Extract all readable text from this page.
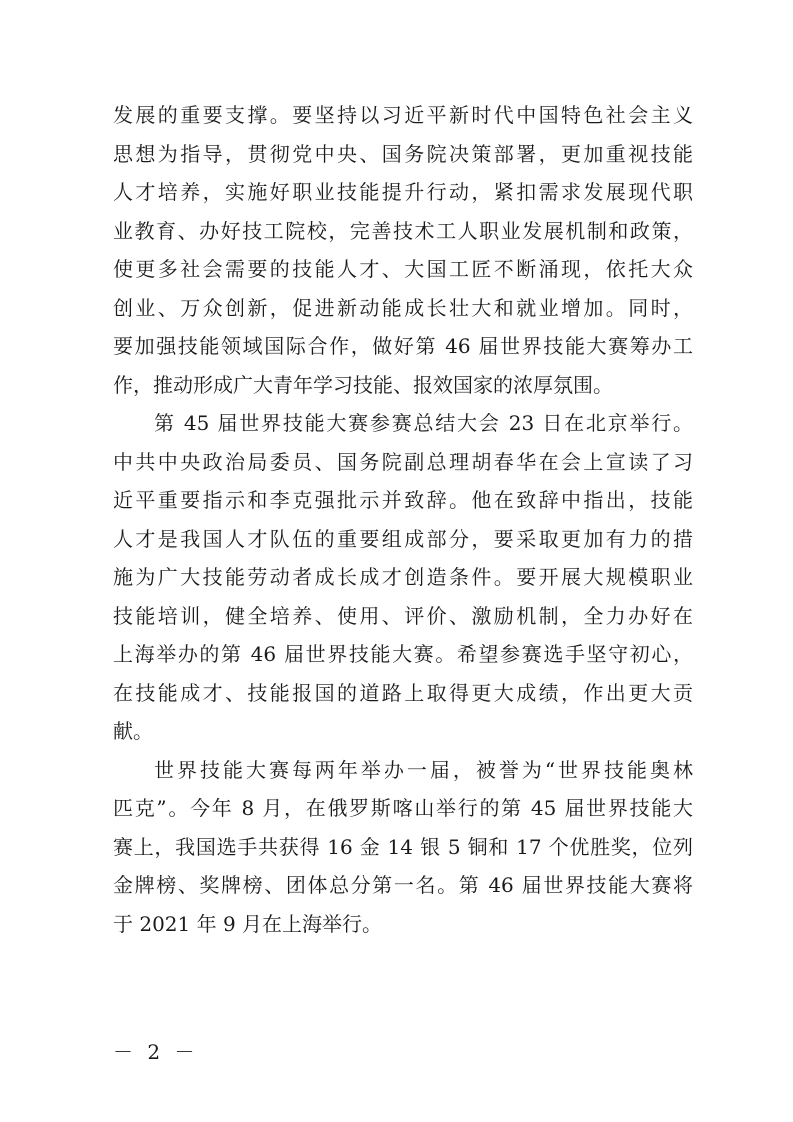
发展的重要支撑。要坚持以习近平新时代中国特色社会主义
思想为指导，贯彻党中央、国务院决策部署，更加重视技能
人才培养，实施好职业技能提升行动，紧扣需求发展现代职
业教育、办好技工院校，完善技术工人职业发展机制和政策，
使更多社会需要的技能人才、大国工匠不断涌现，依托大众
创业、万众创新，促进新动能成长壮大和就业增加。同时，
要加强技能领域国际合作，做好第 46 届世界技能大赛筹办工
作，推动形成广大青年学习技能、报效国家的浓厚氛围。
第 45 届世界技能大赛参赛总结大会 23 日在北京举行。
中共中央政治局委员、国务院副总理胡春华在会上宣读了习
近平重要指示和李克强批示并致辞。他在致辞中指出，技能
人才是我国人才队伍的重要组成部分，要采取更加有力的措
施为广大技能劳动者成长成才创造条件。要开展大规模职业
技能培训，健全培养、使用、评价、激励机制，全力办好在
上海举办的第 46 届世界技能大赛。希望参赛选手坚守初心，
在技能成才、技能报国的道路上取得更大成绩，作出更大贡
献。
世界技能大赛每两年举办一届，被誉为“世界技能奥林
匹克”。今年 8 月，在俄罗斯喀山举行的第 45 届世界技能大
赛上，我国选手共获得 16 金 14 银 5 铜和 17 个优胜奖，位列
金牌榜、奖牌榜、团体总分第一名。第 46 届世界技能大赛将
于 2021 年 9 月在上海举行。
－ 2 －
